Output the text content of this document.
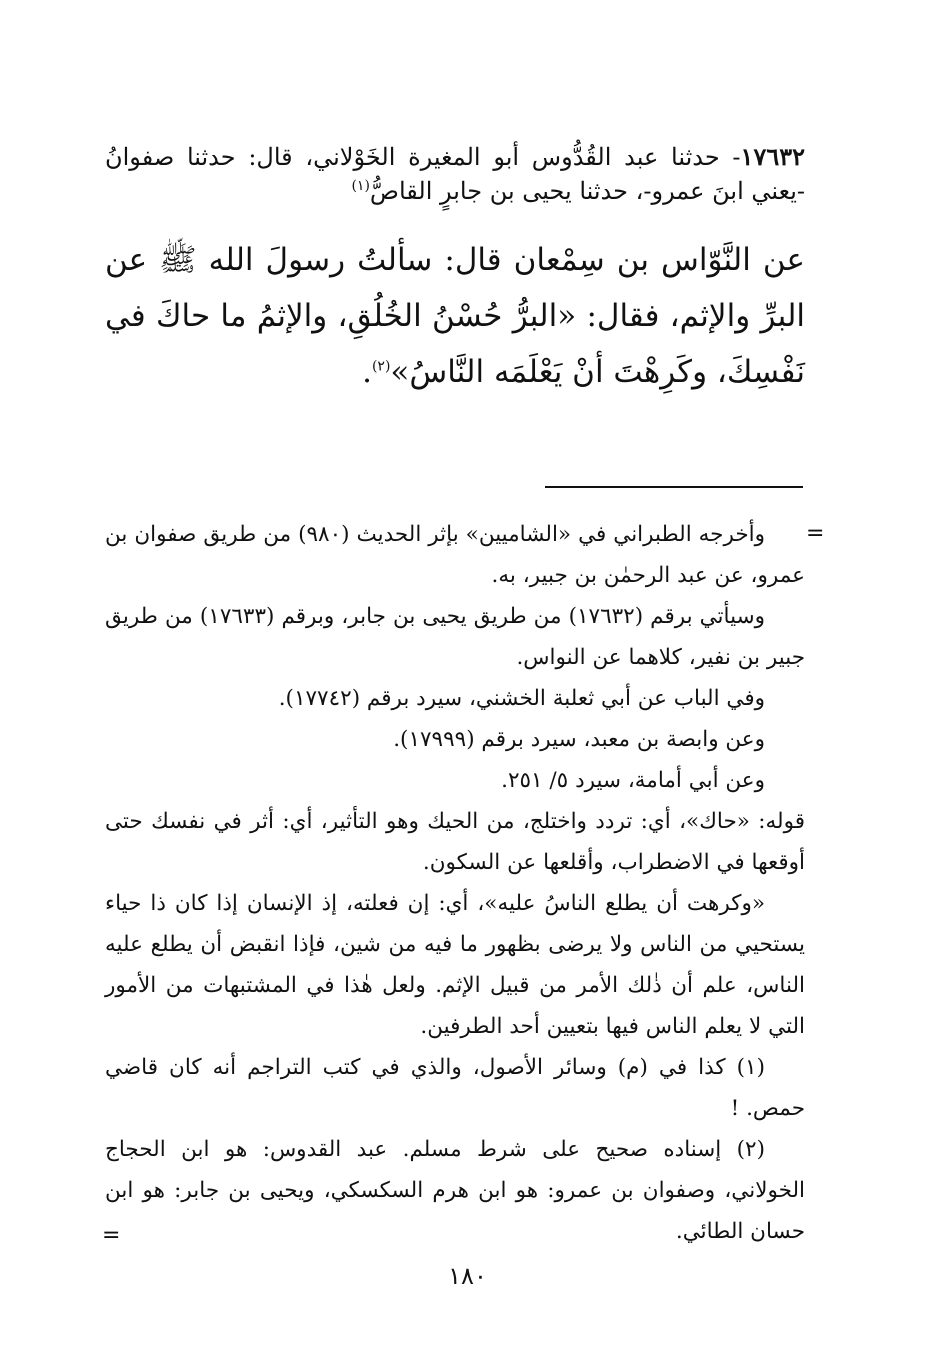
١٧٦٣٢- حدثنا عبد القُدُّوس أبو المغيرة الخَوْلاني، قال: حدثنا صفوانُ -يعني ابنَ عمرو-، حدثنا يحيى بن جابرٍ القاصُّ$^{(١)}$

عن النَّوّاس بن سِمْعان قال: سألتُ رسولَ الله ﷺ عن البرِّ والإثم، فقال: «البرُّ حُسْنُ الخُلُقِ، والإثمُ ما حاكَ في نَفْسِكَ، وكَرِهْتَ أنْ يَعْلَمَه النَّاسُ»$^{(٢)}$.

=

وأخرجه الطبراني في «الشاميين» بإثر الحديث (٩٨٠) من طريق صفوان بن عمرو، عن عبد الرحمٰن بن جبير، به.

وسيأتي برقم (١٧٦٣٢) من طريق يحيى بن جابر، وبرقم (١٧٦٣٣) من طريق جبير بن نفير، كلاهما عن النواس.

وفي الباب عن أبي ثعلبة الخشني، سيرد برقم (١٧٧٤٢).

وعن وابصة بن معبد، سيرد برقم (١٧٩٩٩).

وعن أبي أمامة، سيرد ٥/ ٢٥١.

قوله: «حاك»، أي: تردد واختلج، من الحيك وهو التأثير، أي: أثر في نفسك حتى أوقعها في الاضطراب، وأقلعها عن السكون.

«وكرهت أن يطلع الناسُ عليه»، أي: إن فعلته، إذ الإنسان إذا كان ذا حياء يستحيي من الناس ولا يرضى بظهور ما فيه من شين، فإذا انقبض أن يطلع عليه الناس، علم أن ذٰلك الأمر من قبيل الإثم. ولعل هٰذا في المشتبهات من الأمور التي لا يعلم الناس فيها بتعيين أحد الطرفين.

(١) كذا في (م) وسائر الأصول، والذي في كتب التراجم أنه كان قاضي حمص. !

(٢) إسناده صحيح على شرط مسلم. عبد القدوس: هو ابن الحجاج الخولاني، وصفوان بن عمرو: هو ابن هرم السكسكي، ويحيى بن جابر: هو ابن حسان الطائي.

=
١٨٠
